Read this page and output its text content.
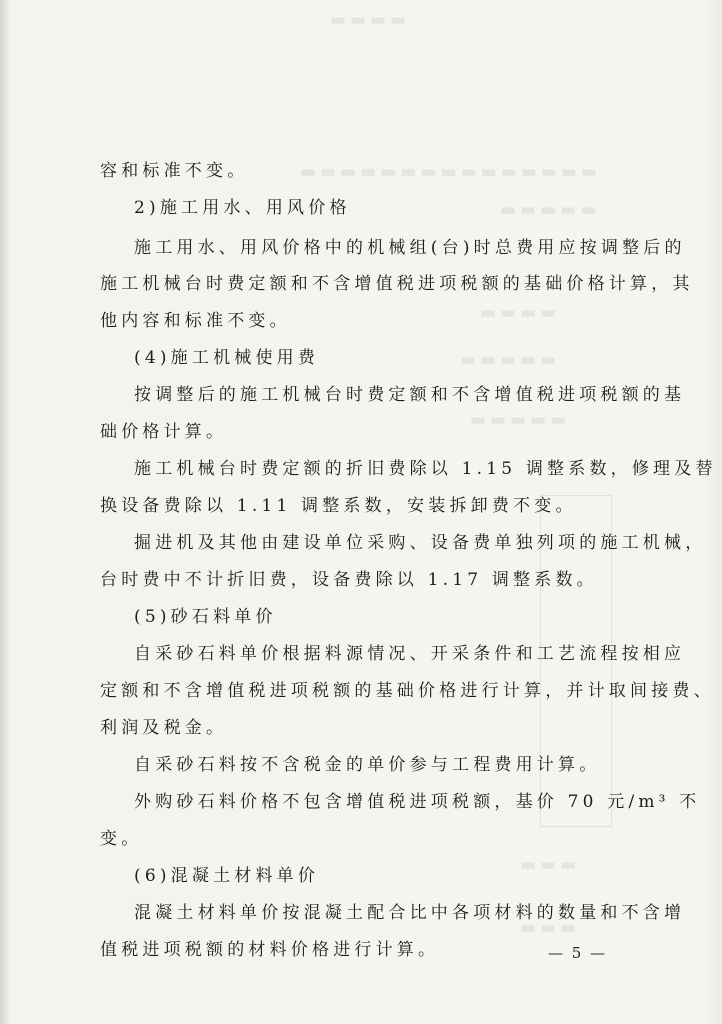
▬▬▬▬
▬▬▬▬▬▬▬▬▬▬▬▬▬▬▬
▬▬▬▬▬
▬▬▬▬
▬▬▬▬▬
▬▬▬▬▬
▬▬▬
▬▬▬
容和标准不变。
2)施工用水、用风价格
施工用水、用风价格中的机械组(台)时总费用应按调整后的
施工机械台时费定额和不含增值税进项税额的基础价格计算，其
他内容和标准不变。
(4)施工机械使用费
按调整后的施工机械台时费定额和不含增值税进项税额的基
础价格计算。
施工机械台时费定额的折旧费除以 1.15 调整系数，修理及替
换设备费除以 1.11 调整系数，安装拆卸费不变。
掘进机及其他由建设单位采购、设备费单独列项的施工机械，
台时费中不计折旧费，设备费除以 1.17 调整系数。
(5)砂石料单价
自采砂石料单价根据料源情况、开采条件和工艺流程按相应
定额和不含增值税进项税额的基础价格进行计算，并计取间接费、
利润及税金。
自采砂石料按不含税金的单价参与工程费用计算。
外购砂石料价格不包含增值税进项税额，基价 70 元/m³ 不
变。
(6)混凝土材料单价
混凝土材料单价按混凝土配合比中各项材料的数量和不含增
值税进项税额的材料价格进行计算。	— 5 —
